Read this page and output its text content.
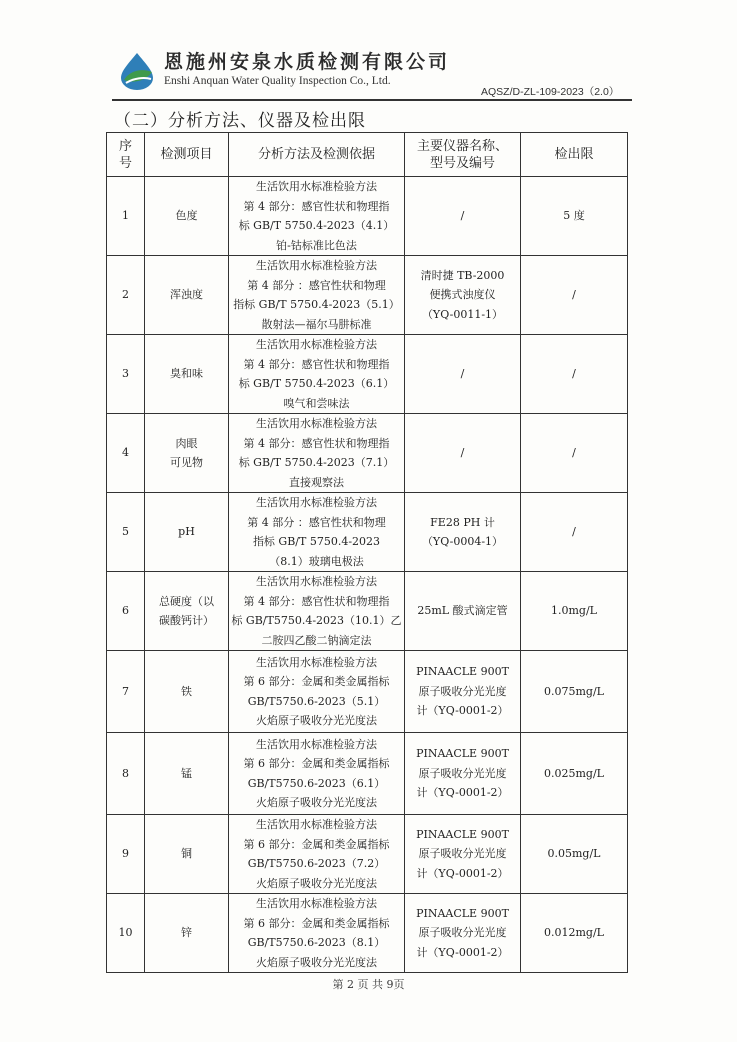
恩施州安泉水质检测有限公司
Enshi Anquan Water Quality Inspection Co., Ltd.
AQSZ/D-ZL-109-2023（2.0）
（二）分析方法、仪器及检出限
序
号	检测项目	分析方法及检测依据	主要仪器名称、
型号及编号	检出限
1	色度	生活饮用水标准检验方法
第 4 部分：感官性状和物理指
标 GB/T 5750.4-2023（4.1）
铂-钴标准比色法	/	5 度
2	浑浊度	生活饮用水标准检验方法
第 4 部分 ：感官性状和物理
指标 GB/T 5750.4-2023（5.1）
散射法—福尔马肼标准	清时捷 TB-2000
便携式浊度仪
（YQ-0011-1）	/
3	臭和味	生活饮用水标准检验方法
第 4 部分：感官性状和物理指
标 GB/T 5750.4-2023（6.1）
嗅气和尝味法	/	/
4	肉眼
可见物	生活饮用水标准检验方法
第 4 部分：感官性状和物理指
标 GB/T 5750.4-2023（7.1）
直接观察法	/	/
5	pH	生活饮用水标准检验方法
第 4 部分 ：感官性状和物理
指标 GB/T 5750.4-2023
（8.1）玻璃电极法	FE28 PH 计
（YQ-0004-1）	/
6	总硬度（以
碳酸钙计）	生活饮用水标准检验方法
第 4 部分：感官性状和物理指
标 GB/T5750.4-2023（10.1）乙
二胺四乙酸二钠滴定法	25mL 酸式滴定管	1.0mg/L
7	铁	生活饮用水标准检验方法
第 6 部分：金属和类金属指标
GB/T5750.6-2023（5.1）
火焰原子吸收分光光度法	PINAACLE 900T
原子吸收分光光度
计（YQ-0001-2）	0.075mg/L
8	锰	生活饮用水标准检验方法
第 6 部分：金属和类金属指标
GB/T5750.6-2023（6.1）
火焰原子吸收分光光度法	PINAACLE 900T
原子吸收分光光度
计（YQ-0001-2）	0.025mg/L
9	铜	生活饮用水标准检验方法
第 6 部分：金属和类金属指标
GB/T5750.6-2023（7.2）
火焰原子吸收分光光度法	PINAACLE 900T
原子吸收分光光度
计（YQ-0001-2）	0.05mg/L
10	锌	生活饮用水标准检验方法
第 6 部分：金属和类金属指标
GB/T5750.6-2023（8.1）
火焰原子吸收分光光度法	PINAACLE 900T
原子吸收分光光度
计（YQ-0001-2）	0.012mg/L
第 2 页 共 9页
